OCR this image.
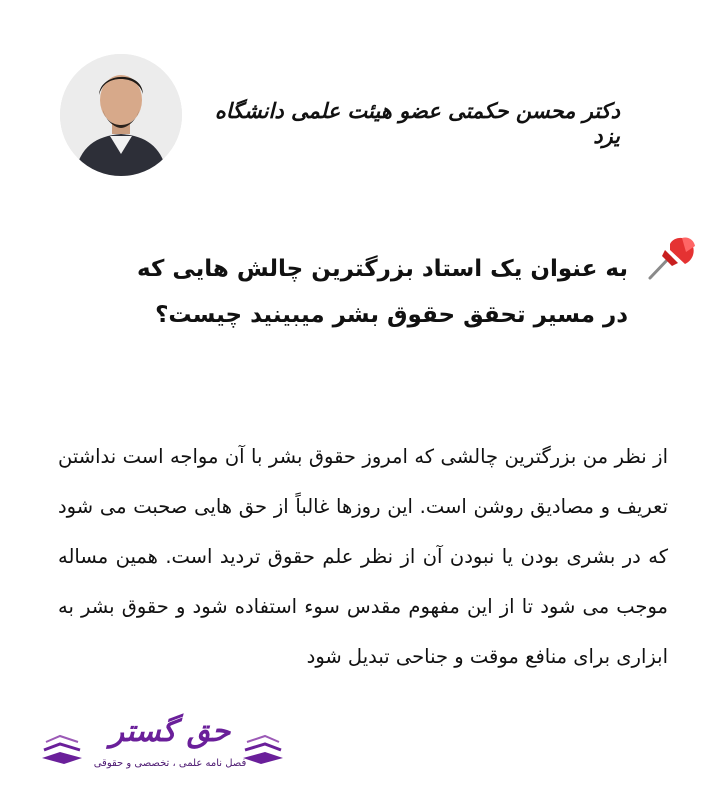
دکتر محسن حکمتی عضو هیئت علمی دانشگاه یزد
به عنوان یک استاد بزرگترین چالش هایی که در مسیر تحقق حقوق بشر میبینید چیست؟
از نظر من بزرگترین چالشی که امروز حقوق بشر با آن مواجه است نداشتن تعریف و مصادیق روشن است. این روزها غالباً از حق هایی صحبت می شود که در بشری بودن یا نبودن آن از نظر علم حقوق تردید است. همین مساله موجب می شود تا از این مفهوم مقدس سوء استفاده شود و حقوق بشر به ابزاری برای منافع موقت و جناحی تبدیل شود
حق گستر
فصل نامه علمی ، تخصصی و حقوقی
